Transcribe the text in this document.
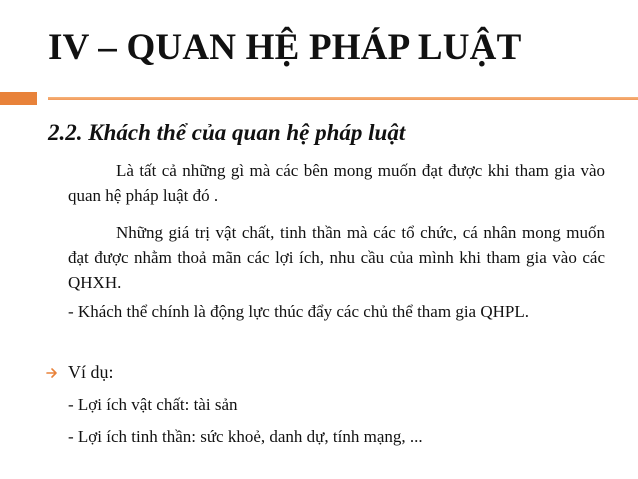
IV – QUAN HỆ PHÁP LUẬT
2.2. Khách thể của quan hệ pháp luật

Là tất cả những gì mà các bên mong muốn đạt được khi tham gia vào quan hệ pháp luật đó .

Những giá trị vật chất, tinh thần mà các tổ chức, cá nhân mong muốn đạt được nhằm thoả mãn các lợi ích, nhu cầu của mình khi tham gia vào các QHXH.

- Khách thể chính là động lực thúc đẩy các chủ thể tham gia QHPL.

Ví dụ:
- Lợi ích vật chất: tài sản
- Lợi ích tinh thần: sức khoẻ, danh dự, tính mạng, ...
